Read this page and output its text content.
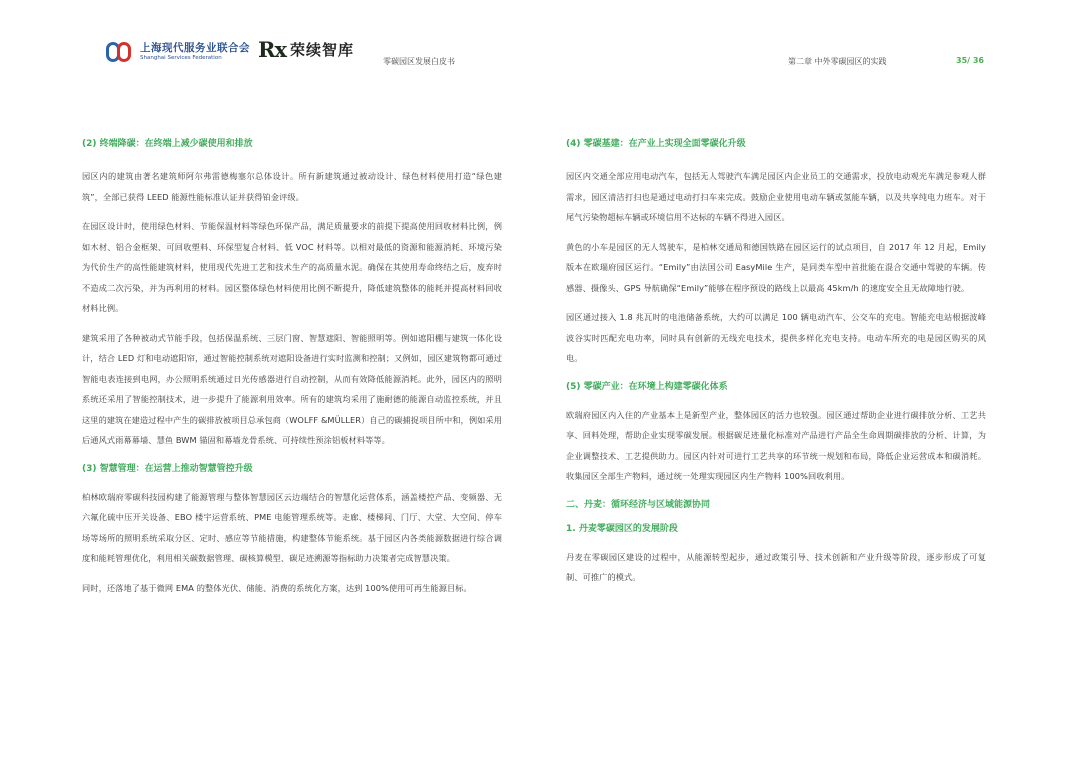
上海现代服务业联合会
Shanghai Services Federation	Rx 荣续智库
零碳园区发展白皮书	第二章 中外零碳园区的实践	35/ 36

(2) 终端降碳：在终端上减少碳使用和排放

园区内的建筑由著名建筑师阿尔弗雷德梅塞尔总体设计。所有新建筑通过被动设计、绿色材料使用打造“绿色建筑”，全部已获得 LEED 能源性能标准认证并获得铂金评级。

在园区设计时，使用绿色材料、节能保温材料等绿色环保产品，满足质量要求的前提下提高使用回收材料比例，例如木材、铝合金框架、可回收塑料、环保型复合材料、低 VOC 材料等。以相对最低的资源和能源消耗、环境污染为代价生产的高性能建筑材料，使用现代先进工艺和技术生产的高质量水泥。确保在其使用寿命终结之后，废弃时不造成二次污染，并为再利用的材料。园区整体绿色材料使用比例不断提升，降低建筑整体的能耗并提高材料回收材料比例。

建筑采用了各种被动式节能手段，包括保温系统、三层门窗、智慧遮阳、智能照明等。例如遮阳棚与建筑一体化设计，结合 LED 灯和电动遮阳帘，通过智能控制系统对遮阳设备进行实时监测和控制；又例如，园区建筑物都可通过智能电表连接到电网，办公照明系统通过日光传感器进行自动控制，从而有效降低能源消耗。此外，园区内的照明系统还采用了智能控制技术，进一步提升了能源利用效率。所有的建筑均采用了施耐德的能源自动监控系统，并且这里的建筑在建造过程中产生的碳排放被项目总承包商（WOLFF &MÜLLER）自己的碳捕捉项目所中和，例如采用后通风式雨幕幕墙、慧鱼 BWM 锚固和幕墙龙骨系统、可持续性预涂铝板材料等等。

(3) 智慧管理：在运营上推动智慧管控升级

柏林欧瑞府零碳科技园构建了能源管理与整体智慧园区云边端结合的智慧化运营体系，涵盖楼控产品、变频器、无六氟化硫中压开关设备、EBO 楼宇运营系统、PME 电能管理系统等。走廊、楼梯间、门厅、大堂、大空间、停车场等场所的照明系统采取分区、定时、感应等节能措施，构建整体节能系统。基于园区内各类能源数据进行综合调度和能耗管理优化，利用相关碳数据管理、碳核算模型、碳足迹溯源等指标助力决策者完成智慧决策。

同时，还落地了基于微网 EMA 的整体光伏、储能、消费的系统化方案，达到 100%使用可再生能源目标。

(4) 零碳基建：在产业上实现全面零碳化升级

园区内交通全部应用电动汽车，包括无人驾驶汽车满足园区内企业员工的交通需求，投放电动观光车满足参观人群需求，园区清洁打扫也是通过电动打扫车来完成。鼓励企业使用电动车辆或氢能车辆，以及共享纯电力班车。对于尾气污染物超标车辆或环境信用不达标的车辆不得进入园区。

黄色的小车是园区的无人驾驶车，是柏林交通局和德国铁路在园区运行的试点项目，自 2017 年 12 月起，Emily 版本在欧瑞府园区运行。“Emily”由法国公司 EasyMile 生产，是同类车型中首批能在混合交通中驾驶的车辆。传感器、摄像头、GPS 导航确保“Emily”能够在程序预设的路线上以最高 45km/h 的速度安全且无故障地行驶。

园区通过接入 1.8 兆瓦时的电池储备系统，大约可以满足 100 辆电动汽车、公交车的充电。智能充电站根据波峰波谷实时匹配充电功率，同时具有创新的无线充电技术，提供多样化充电支持。电动车所充的电是园区购买的风电。

(5) 零碳产业：在环境上构建零碳化体系

欧瑞府园区内入住的产业基本上是新型产业，整体园区的活力也较强。园区通过帮助企业进行碳排放分析、工艺共享、回料处理，帮助企业实现零碳发展。根据碳足迹量化标准对产品进行产品全生命周期碳排放的分析、计算，为企业调整技术、工艺提供助力。园区内针对可进行工艺共享的环节统一规划和布局，降低企业运营成本和碳消耗。收集园区全部生产物料，通过统一处理实现园区内生产物料 100%回收利用。

二、丹麦：循环经济与区域能源协同

1. 丹麦零碳园区的发展阶段

丹麦在零碳园区建设的过程中，从能源转型起步，通过政策引导、技术创新和产业升级等阶段，逐步形成了可复制、可推广的模式。
